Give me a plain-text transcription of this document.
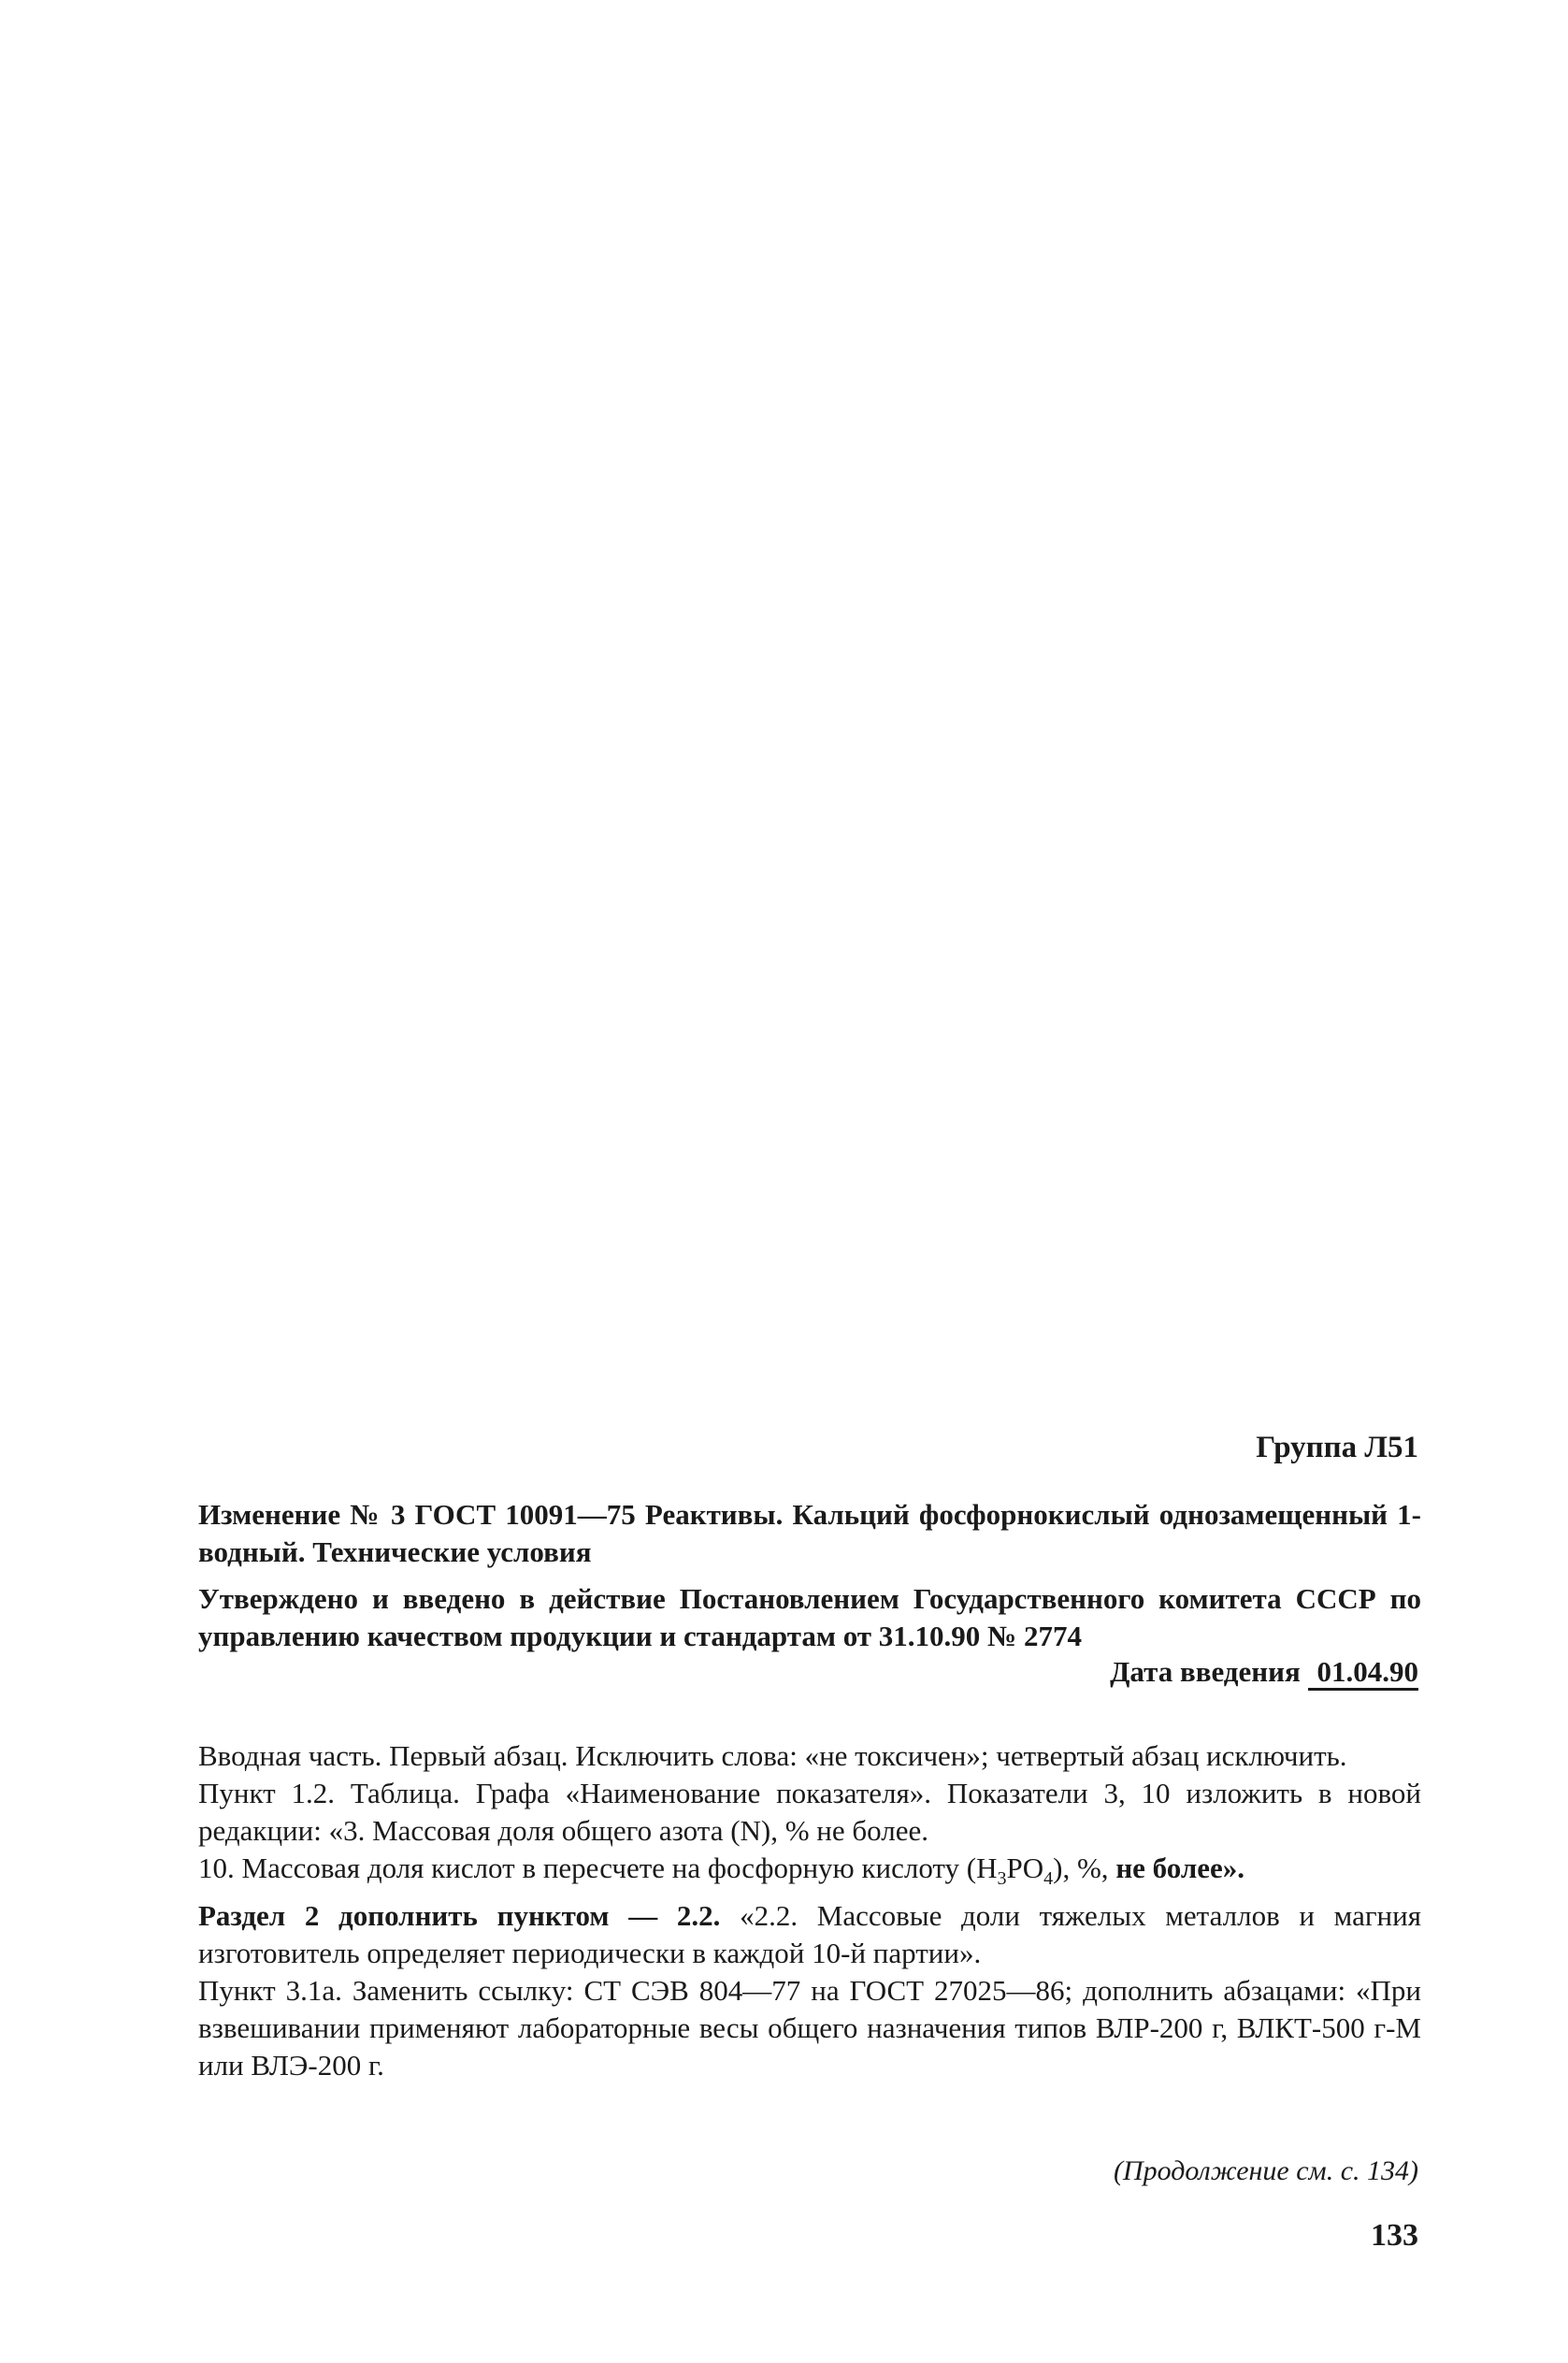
Группа Л51
Изменение № 3 ГОСТ 10091—75 Реактивы. Кальций фосфорнокислый однозамещенный 1-водный. Технические условия
Утверждено и введено в действие Постановлением Государственного комитета СССР по управлению качеством продукции и стандартам от 31.10.90 № 2774
Дата введения 01.04.90

Вводная часть. Первый абзац. Исключить слова: «не токсичен»; четвертый абзац исключить.

Пункт 1.2. Таблица. Графа «Наименование показателя». Показатели 3, 10 изложить в новой редакции: «3. Массовая доля общего азота (N), % не более.

10. Массовая доля кислот в пересчете на фосфорную кислоту $(H_3PO_4)$, %, не более».

Раздел 2 дополнить пунктом — 2.2. «2.2. Массовые доли тяжелых металлов и магния изготовитель определяет периодически в каждой 10-й партии».

Пункт 3.1а. Заменить ссылку: СТ СЭВ 804—77 на ГОСТ 27025—86; дополнить абзацами: «При взвешивании применяют лабораторные весы общего назначения типов ВЛР-200 г, ВЛКТ-500 г-М или ВЛЭ-200 г.

(Продолжение см. с. 134)
133
